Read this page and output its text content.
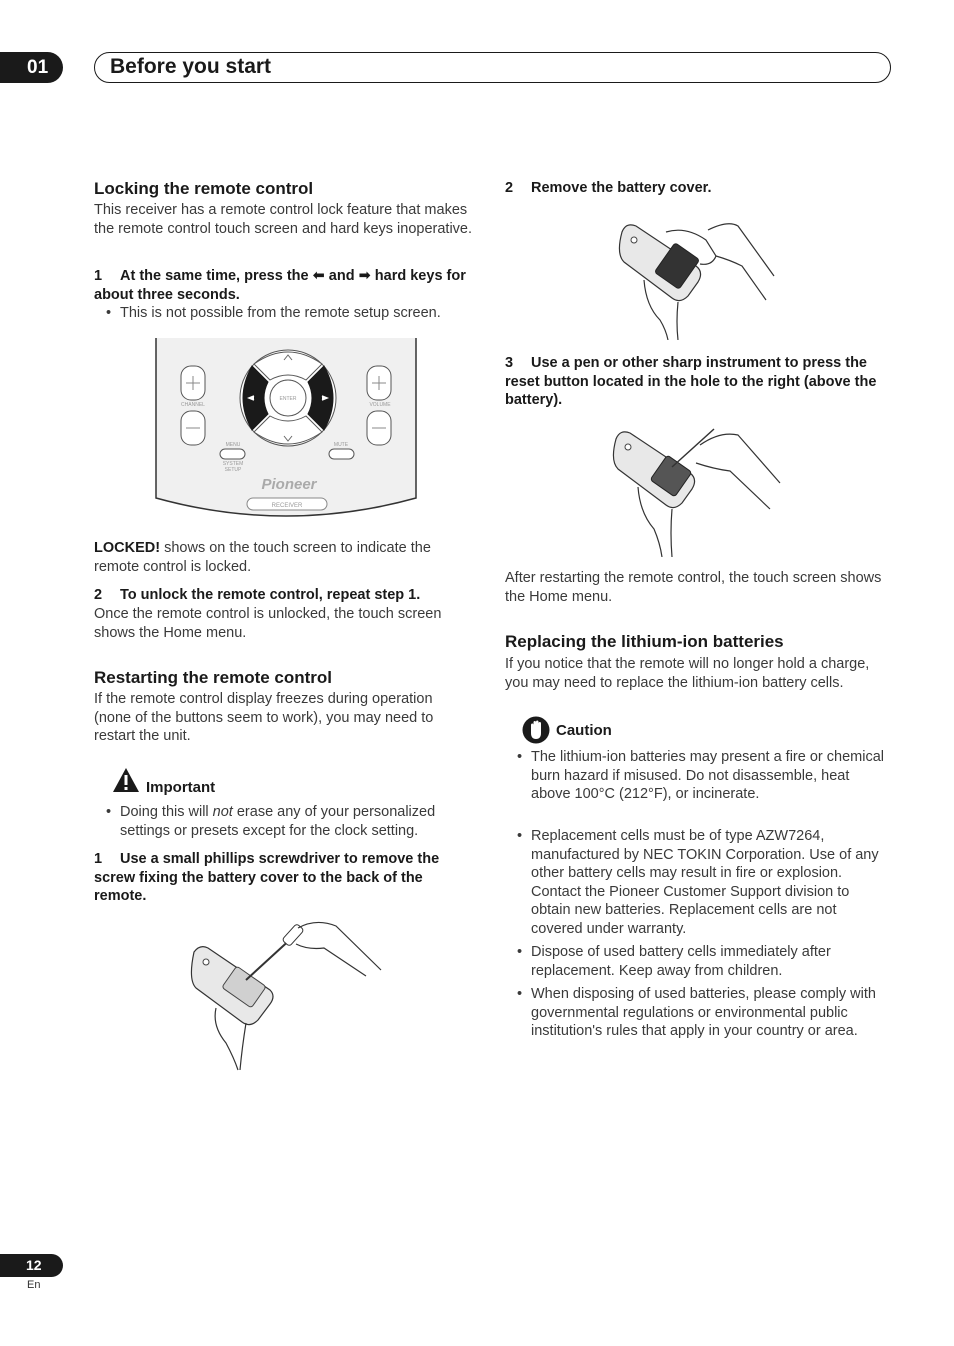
01	Before you start
Locking the remote control
This receiver has a remote control lock feature that makes the remote control touch screen and hard keys inoperative.
1 At the same time, press the ⬅ and ➡ hard keys for about three seconds.
• This is not possible from the remote setup screen.
CHANNEL	VOLUME
ENTER
MENU
SYSTEM
SETUP
MUTE
Pioneer
RECEIVER
LOCKED! shows on the touch screen to indicate the remote control is locked.
2 To unlock the remote control, repeat step 1.
Once the remote control is unlocked, the touch screen shows the Home menu.
Restarting the remote control
If the remote control display freezes during operation (none of the buttons seem to work), you may need to restart the unit.
Important
• Doing this will not erase any of your personalized settings or presets except for the clock setting.
1 Use a small phillips screwdriver to remove the screw fixing the battery cover to the back of the remote.
2 Remove the battery cover.
3 Use a pen or other sharp instrument to press the reset button located in the hole to the right (above the battery).
After restarting the remote control, the touch screen shows the Home menu.
Replacing the lithium-ion batteries
If you notice that the remote will no longer hold a charge, you may need to replace the lithium-ion battery cells.
Caution
• The lithium-ion batteries may present a fire or chemical burn hazard if misused. Do not disassemble, heat above 100°C (212°F), or incinerate.
• Replacement cells must be of type AZW7264, manufactured by NEC TOKIN Corporation. Use of any other battery cells may result in fire or explosion. Contact the Pioneer Customer Support division to obtain new batteries. Replacement cells are not covered under warranty.
• Dispose of used battery cells immediately after replacement. Keep away from children.
• When disposing of used batteries, please comply with governmental regulations or environmental public institution's rules that apply in your country or area.
12
En
